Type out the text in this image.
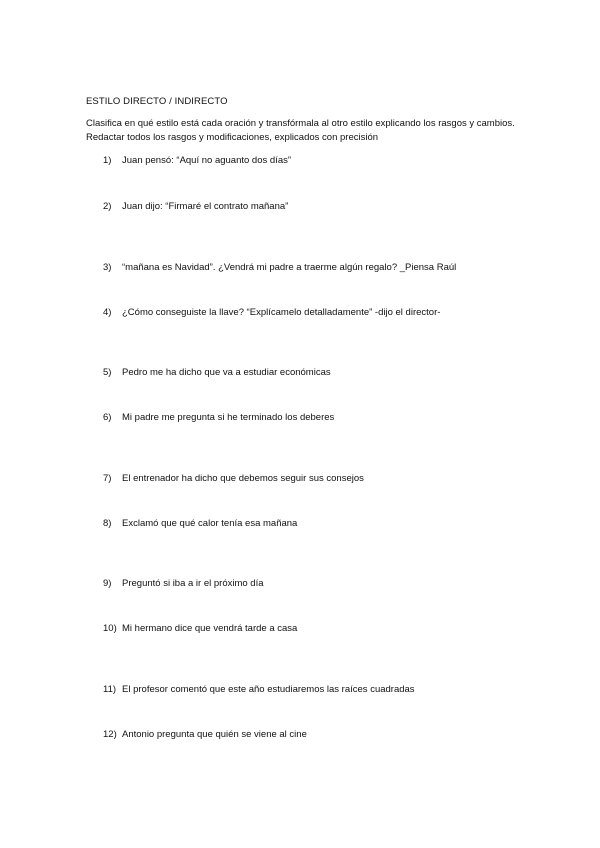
ESTILO DIRECTO / INDIRECTO
Clasifica en qué estilo está cada oración y transfórmala al otro estilo explicando los rasgos y cambios. Redactar todos los rasgos y modificaciones, explicados con precisión
1)	Juan pensó: “Aquí no aguanto dos días”
2)	Juan dijo: “Firmaré el contrato mañana”
3)	“mañana es Navidad”. ¿Vendrá mi padre a traerme algún regalo? _Piensa Raúl
4)	¿Cómo conseguiste la llave? “Explícamelo detalladamente” -dijo el director-
5)	Pedro me ha dicho que va a estudiar económicas
6)	Mi padre me pregunta si he terminado los deberes
7)	El entrenador ha dicho que debemos seguir sus consejos
8)	Exclamó que qué calor tenía esa mañana
9)	Preguntó si iba a ir el próximo día
10) Mi hermano dice que vendrá tarde a casa
11) El profesor comentó que este año estudiaremos las raíces cuadradas
12) Antonio pregunta que quién se viene al cine
